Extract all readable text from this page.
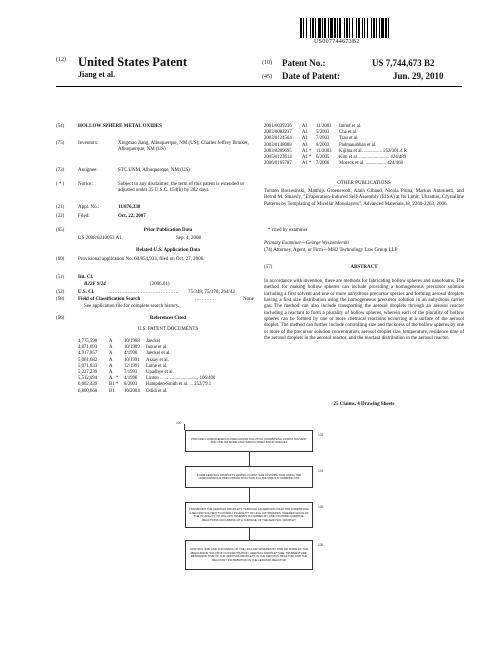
US007744673B2
(12) United States Patent
Jiang et al.
(10) Patent No.:	US 7,744,673 B2
(45) Date of Patent:	Jun. 29, 2010
(54)	HOLLOW SPHERE METAL OXIDES
(75)	Inventors:	Xingmao Jiang, Albuquerque, NM (US); Charles Jeffrey Brinker, Albuquerque, NM (US)
(73)	Assignee:	STC.UNM, Albuquerque, NM (US)
( * )	Notice:	Subject to any disclaimer, the term of this patent is extended or adjusted under 35 U.S.C. 154(b) by 282 days.
(21)	Appl. No.:	11/876,338
(22)	Filed:	Oct. 22, 2007
(65)	Prior Publication Data
US 2008/0210053 A1	Sep. 4, 2008
Related U.S. Application Data
(60)	Provisional application No. 60/854,933, filed on Oct. 27, 2006.
(51)	Int. Cl.
B22F 9/24	(2006.01)
(52)	U.S. Cl.	...........................................	75/348; 75/370; 264/42
(58)	Field of Classification Search	.............	None
See application file for complete search history.
(56)	References Cited
U.S. PATENT DOCUMENTS
4,775,598 A 10/1988 Jaeckel
4,871,693 A 10/1989 Inoue et al.
4,917,857 A 4/1990 Jaeckel et al.
5,061,682 A 10/1991 Aksay et al.
5,071,833 A 12/1991 Laine et al.
5,227,239 A 7/1993 Upadhye et al.
5,512,094 A * 4/1996 Linton ................................ 106/400
6,602,439 B1 * 8/2003 Hampden-Smith et al. ... 252/79.1
6,800,668 B1 10/2004 Odidi et al.
2001/0039236 A1 11/2001 Imhof et al.
2003/0082237 A1 5/2003 Cha et al.
2003/0124564 A1 7/2003 Trau et al.
2003/0148088 A1 8/2003 Padmanabhan et al.
2003/0209695 A1 * 11/2003 Kijima et al. ............... 252/301.4 R
2005/0123614 A1 * 6/2005 Kim et al. ......................... 424/489
2006/0165787 A1 * 7/2006 Moerck et al. ................. 424/468
OTHER PUBLICATIONS
Torsten Brezesinski, Matthijs Groenewolt, Alain Gibaud, Nicola Pinna, Markus Antonietti, and Bernd M. Smarsly, "Evaporation-Induced Self-Assembly (EISA) at Its Limit: Ultrathin, Crystalline Patterns by Templating of Micellar Monolayers", Advanced Materials,18, 2260-2263, 2006.
* cited by examiner
Primary Examiner—George Wyszomierski
(74) Attorney, Agent, or Firm—MH2 Technology Law Group LLP
(57)	ABSTRACT
In accordance with invention, there are methods for fabricating hollow spheres and nanofoams. The method for making hollow spheres can include providing a homogeneous precursor solution including a first solvent and one or more anhydrous precursor species and forming aerosol droplets having a first size distribution using the homogeneous precursor solution in an anhydrous carrier gas. The method can also include transporting the aerosol droplets through an aerosol reactor including a reactant to form a plurality of hollow spheres, wherein each of the plurality of hollow spheres can be formed by one or more chemical reactions occurring at a surface of the aerosol droplet. The method can further include controlling size and thickness of the hollow spheres by one or more of the precursor solution concentration, aerosol droplet size, temperature, residence time of the aerosol droplets in the aerosol reactor, and the reactant distribution in the aerosol reactor.
25 Claims, 4 Drawing Sheets
100
PROVIDE A HOMOGENEOUS PRECURSOR SOLUTION COMPRISING A FIRST SOLVENT AND ONE OR MORE ANHYDROUS PRECURSOR SPECIES
102
FORM AEROSOL DROPLETS HAVING A FIRST SIZE DISTRIBUTION USING THE HOMOGENEOUS PRECURSOR SOLUTION IN A ANHYDROUS CARRIER GAS
104
TRANSPORT THE AEROSOL DROPLETS THROUGH AN AEROSOL REACTOR COMPRISING A SECOND SOLVENT TO FORM A PLURALITY OF HOLLOW SPHERES, WHEREIN EACH OF THE PLURALITY OF HOLLOW SPHERES IS FORMED BY ONE OR MORE CHEMICAL REACTIONS OCCURRING AT A SURFACE OF THE AEROSOL DROPLET
106
CONTROL SIZE AND THICKNESS OF THE HOLLOW SPHERES BY ONE OR MORE OF THE PRECURSOR SOLUTION CONCENTRATION, AEROSOL DROPLET SIZE, TEMPERATURE, RESIDENCE TIME OF THE AEROSOL DROPLETS IN THE AEROSOL REACTOR, AND THE REACTANT DISTRIBUTION IN THE AEROSOL REACTOR
108
